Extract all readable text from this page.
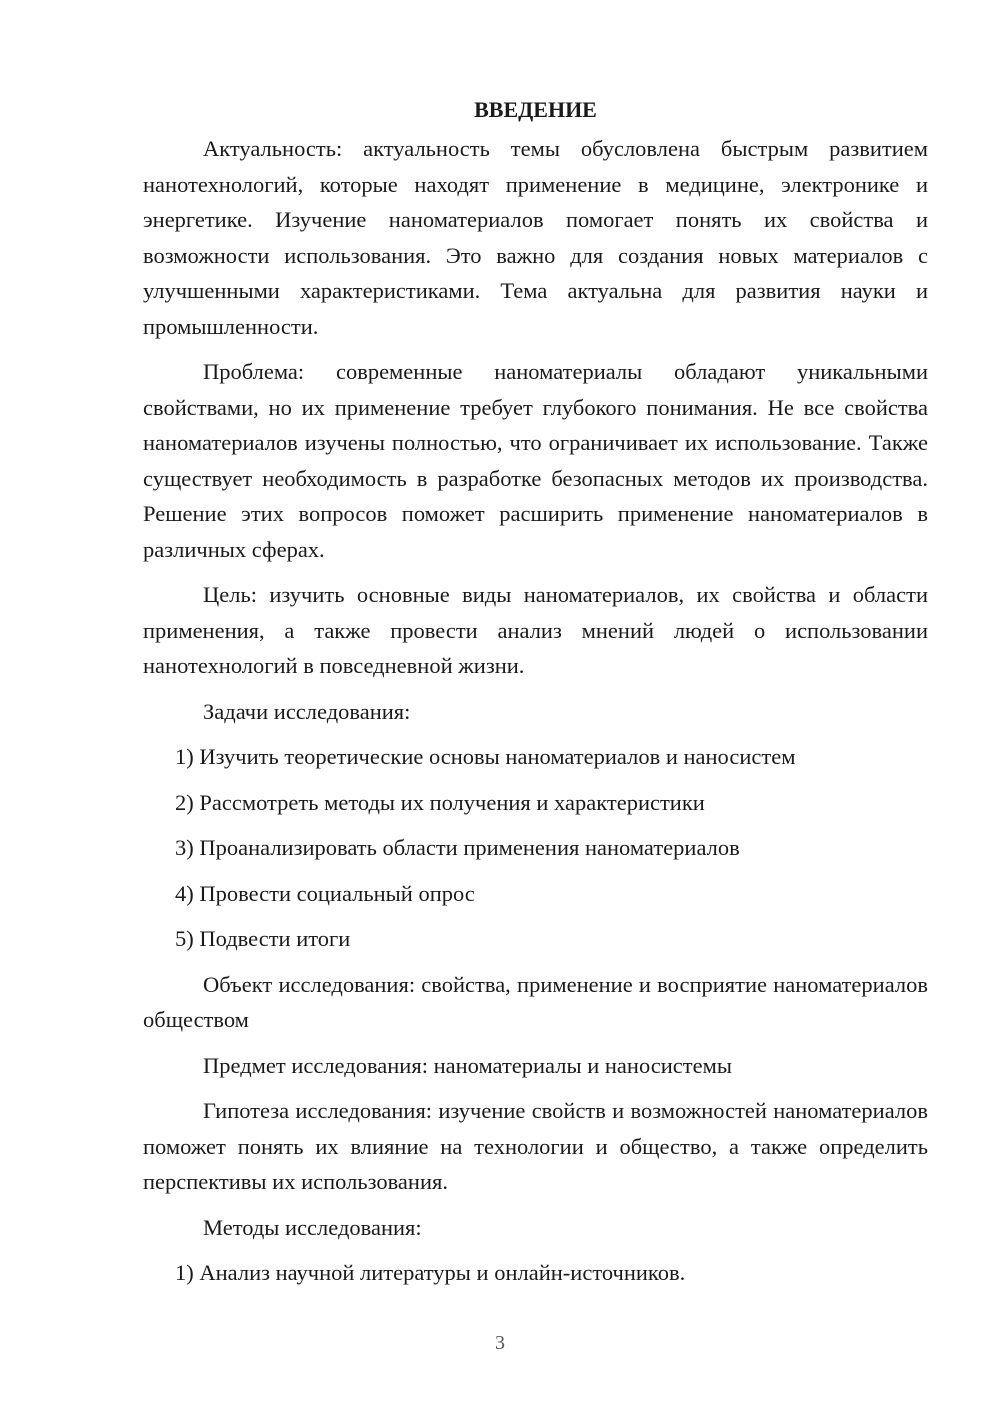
ВВЕДЕНИЕ

Актуальность: актуальность темы обусловлена быстрым развитием нанотехнологий, которые находят применение в медицине, электронике и энергетике. Изучение наноматериалов помогает понять их свойства и возможности использования. Это важно для создания новых материалов с улучшенными характеристиками. Тема актуальна для развития науки и промышленности.

Проблема: современные наноматериалы обладают уникальными свойствами, но их применение требует глубокого понимания. Не все свойства наноматериалов изучены полностью, что ограничивает их использование. Также существует необходимость в разработке безопасных методов их производства. Решение этих вопросов поможет расширить применение наноматериалов в различных сферах.

Цель: изучить основные виды наноматериалов, их свойства и области применения, а также провести анализ мнений людей о использовании нанотехнологий в повседневной жизни.

Задачи исследования:

1) Изучить теоретические основы наноматериалов и наносистем

2) Рассмотреть методы их получения и характеристики

3) Проанализировать области применения наноматериалов

4) Провести социальный опрос

5) Подвести итоги

Объект исследования: свойства, применение и восприятие наноматериалов обществом

Предмет исследования: наноматериалы и наносистемы

Гипотеза исследования: изучение свойств и возможностей наноматериалов поможет понять их влияние на технологии и общество, а также определить перспективы их использования.

Методы исследования:

1) Анализ научной литературы и онлайн-источников.

3
